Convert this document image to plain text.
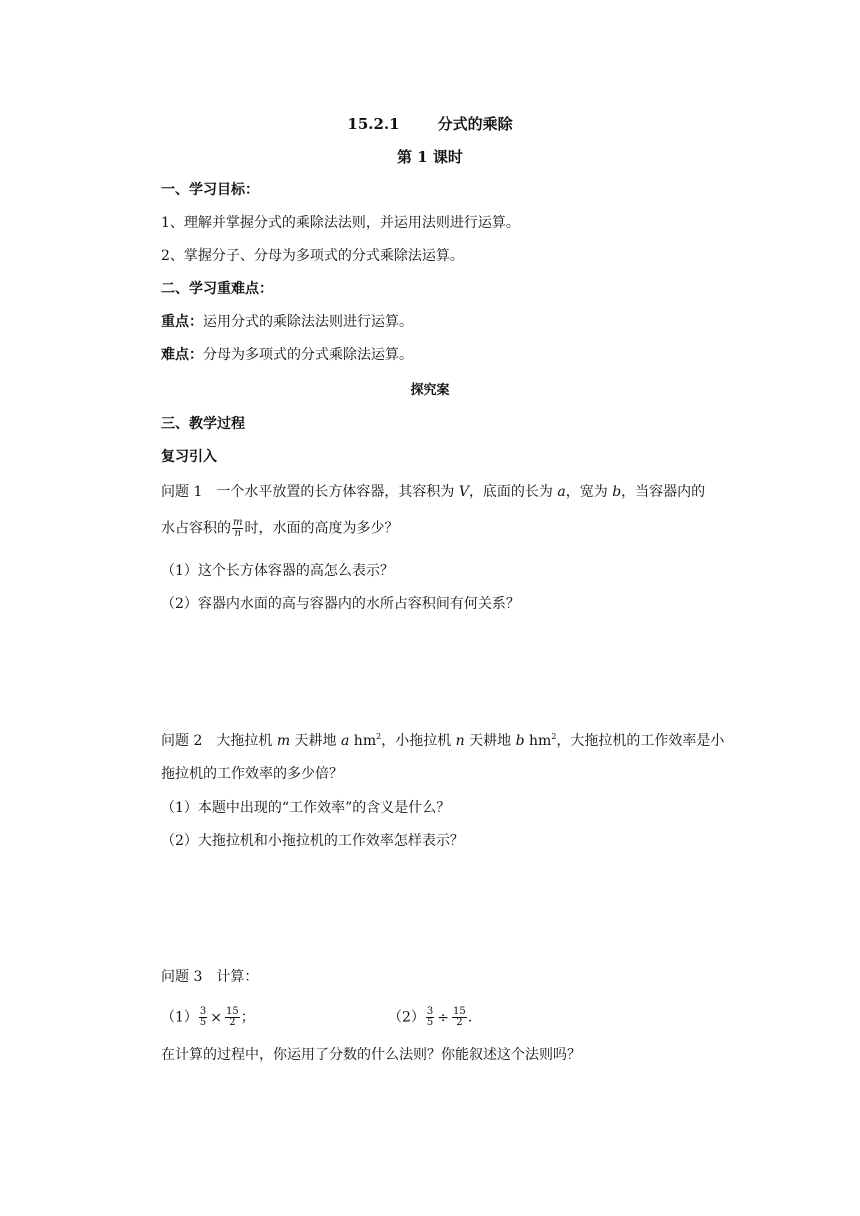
15.2.1	分式的乘除
第 1 课时
一、学习目标：
1、理解并掌握分式的乘除法法则，并运用法则进行运算。
2、掌握分子、分母为多项式的分式乘除法运算。
二、学习重难点：
重点：运用分式的乘除法法则进行运算。
难点：分母为多项式的分式乘除法运算。
探究案
三、教学过程
复习引入
问题 1　一个水平放置的长方体容器，其容积为 V，底面的长为 a，宽为 b，当容器内的
水占容积的 $\frac{m}{n}$ 时，水面的高度为多少？
（1）这个长方体容器的高怎么表示？
（2）容器内水面的高与容器内的水所占容积间有何关系？
问题 2　大拖拉机 m 天耕地 a $hm^2$，小拖拉机 n 天耕地 b $hm^2$，大拖拉机的工作效率是小
拖拉机的工作效率的多少倍？
（1）本题中出现的“工作效率”的含义是什么？
（2）大拖拉机和小拖拉机的工作效率怎样表示？
问题 3　计算：
$(1) \frac{3}{5} \times \frac{15}{2}$ ；	$(2) \frac{3}{5} \div \frac{15}{2}$ .
在计算的过程中，你运用了分数的什么法则？你能叙述这个法则吗？
